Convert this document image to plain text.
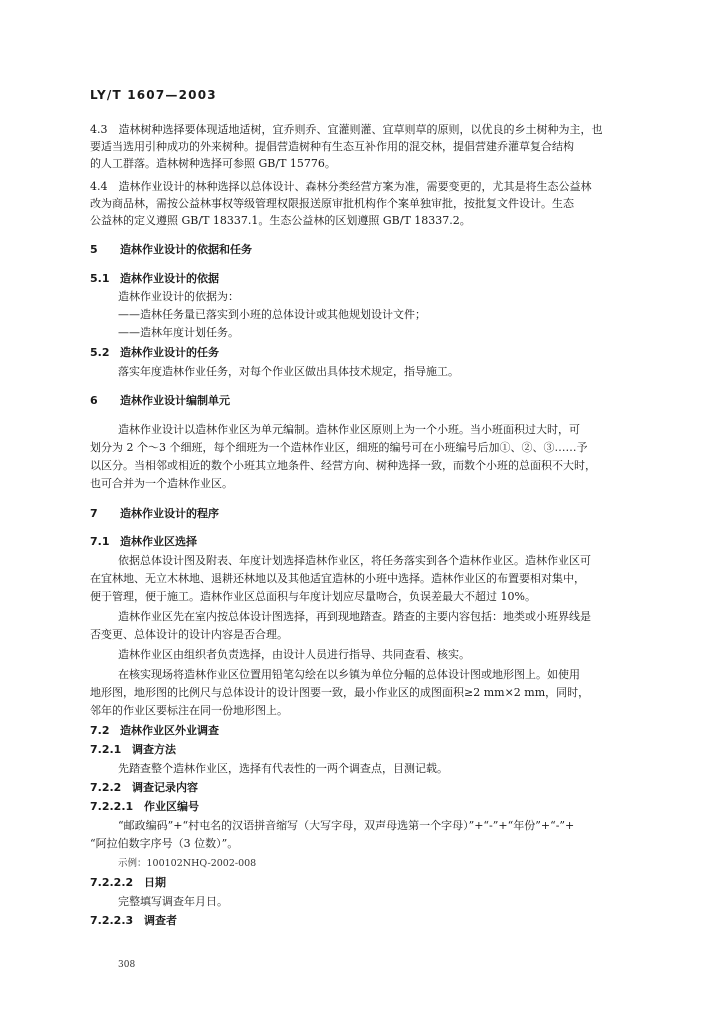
LY/T 1607—2003
4.3　造林树种选择要体现适地适树，宜乔则乔、宜灌则灌、宜草则草的原则，以优良的乡土树种为主，也
要适当选用引种成功的外来树种。提倡营造树种有生态互补作用的混交林，提倡营建乔灌草复合结构
的人工群落。造林树种选择可参照 GB/T 15776。
4.4　造林作业设计的林种选择以总体设计、森林分类经营方案为准，需要变更的，尤其是将生态公益林
改为商品林，需按公益林事权等级管理权限报送原审批机构作个案单独审批，按批复文件设计。生态
公益林的定义遵照 GB/T 18337.1。生态公益林的区划遵照 GB/T 18337.2。
5 造林作业设计的依据和任务
5.1 造林作业设计的依据
造林作业设计的依据为：
——造林任务量已落实到小班的总体设计或其他规划设计文件；
——造林年度计划任务。
5.2 造林作业设计的任务
落实年度造林作业任务，对每个作业区做出具体技术规定，指导施工。
6 造林作业设计编制单元
造林作业设计以造林作业区为单元编制。造林作业区原则上为一个小班。当小班面积过大时，可
划分为 2 个～3 个细班，每个细班为一个造林作业区，细班的编号可在小班编号后加①、②、③……予
以区分。当相邻或相近的数个小班其立地条件、经营方向、树种选择一致，而数个小班的总面积不大时，
也可合并为一个造林作业区。
7 造林作业设计的程序
7.1 造林作业区选择
依据总体设计图及附表、年度计划选择造林作业区，将任务落实到各个造林作业区。造林作业区可
在宜林地、无立木林地、退耕还林地以及其他适宜造林的小班中选择。造林作业区的布置要相对集中，
便于管理，便于施工。造林作业区总面积与年度计划应尽量吻合，负误差最大不超过 10%。
造林作业区先在室内按总体设计图选择，再到现地踏查。踏查的主要内容包括：地类或小班界线是
否变更、总体设计的设计内容是否合理。
造林作业区由组织者负责选择，由设计人员进行指导、共同查看、核实。
在核实现场将造林作业区位置用铅笔勾绘在以乡镇为单位分幅的总体设计图或地形图上。如使用
地形图，地形图的比例尺与总体设计的设计图要一致，最小作业区的成图面积≥2 mm×2 mm，同时，
邻年的作业区要标注在同一份地形图上。
7.2 造林作业区外业调查
7.2.1 调查方法
先踏查整个造林作业区，选择有代表性的一两个调查点，目测记载。
7.2.2 调查记录内容
7.2.2.1 作业区编号
“邮政编码”+“村屯名的汉语拼音缩写（大写字母，双声母选第一个字母）”+“-”+“年份”+“-”+
“阿拉伯数字序号（3 位数）”。
示例：100102NHQ-2002-008
7.2.2.2 日期
完整填写调查年月日。
7.2.2.3 调查者
308
